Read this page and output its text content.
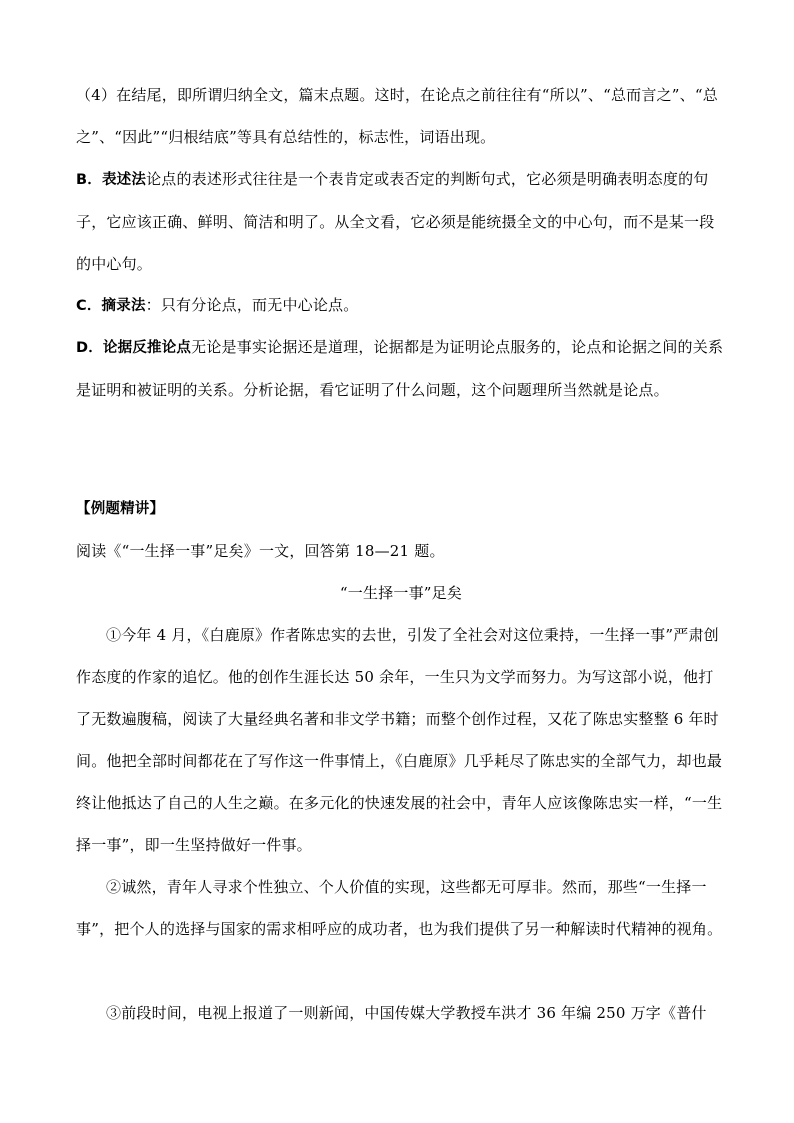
（4）在结尾，即所谓归纳全文，篇末点题。这时，在论点之前往往有“所以”、“总而言之”、“总之”、“因此”“归根结底”等具有总结性的，标志性，词语出现。

B．表述法论点的表述形式往往是一个表肯定或表否定的判断句式，它必须是明确表明态度的句子，它应该正确、鲜明、简洁和明了。从全文看，它必须是能统摄全文的中心句，而不是某一段的中心句。

C．摘录法：只有分论点，而无中心论点。

D．论据反推论点无论是事实论据还是道理，论据都是为证明论点服务的，论点和论据之间的关系是证明和被证明的关系。分析论据，看它证明了什么问题，这个问题理所当然就是论点。

【例题精讲】

阅读《“一生择一事”足矣》一文，回答第 18—21 题。

“一生择一事”足矣

①今年 4 月，《白鹿原》作者陈忠实的去世，引发了全社会对这位秉持，一生择一事”严肃创作态度的作家的追忆。他的创作生涯长达 50 余年，一生只为文学而努力。为写这部小说，他打了无数遍腹稿，阅读了大量经典名著和非文学书籍；而整个创作过程，又花了陈忠实整整 6 年时间。他把全部时间都花在了写作这一件事情上，《白鹿原》几乎耗尽了陈忠实的全部气力，却也最终让他抵达了自己的人生之巅。在多元化的快速发展的社会中，青年人应该像陈忠实一样，“一生择一事”，即一生坚持做好一件事。

②诚然，青年人寻求个性独立、个人价值的实现，这些都无可厚非。然而，那些“一生择一事”，把个人的选择与国家的需求相呼应的成功者，也为我们提供了另一种解读时代精神的视角。

③前段时间，电视上报道了一则新闻，中国传媒大学教授车洪才 36 年编 250 万字《普什
